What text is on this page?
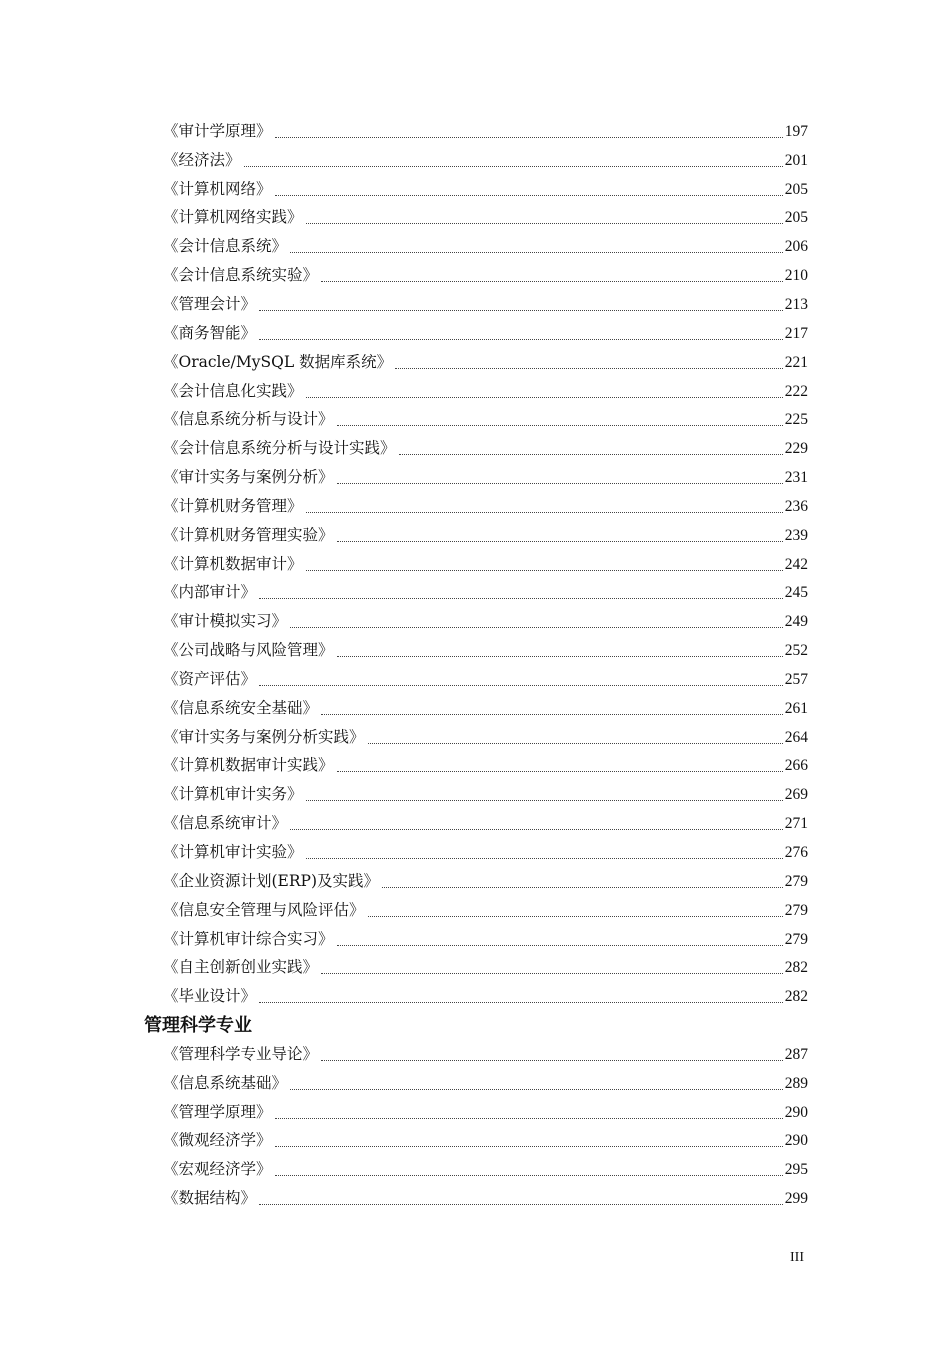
《审计学原理》	197
《经济法》	201
《计算机网络》	205
《计算机网络实践》	205
《会计信息系统》	206
《会计信息系统实验》	210
《管理会计》	213
《商务智能》	217
《Oracle/MySQL 数据库系统》	221
《会计信息化实践》	222
《信息系统分析与设计》	225
《会计信息系统分析与设计实践》	229
《审计实务与案例分析》	231
《计算机财务管理》	236
《计算机财务管理实验》	239
《计算机数据审计》	242
《内部审计》	245
《审计模拟实习》	249
《公司战略与风险管理》	252
《资产评估》	257
《信息系统安全基础》	261
《审计实务与案例分析实践》	264
《计算机数据审计实践》	266
《计算机审计实务》	269
《信息系统审计》	271
《计算机审计实验》	276
《企业资源计划(ERP)及实践》	279
《信息安全管理与风险评估》	279
《计算机审计综合实习》	279
《自主创新创业实践》	282
《毕业设计》	282
管理科学专业
《管理科学专业导论》	287
《信息系统基础》	289
《管理学原理》	290
《微观经济学》	290
《宏观经济学》	295
《数据结构》	299
III
